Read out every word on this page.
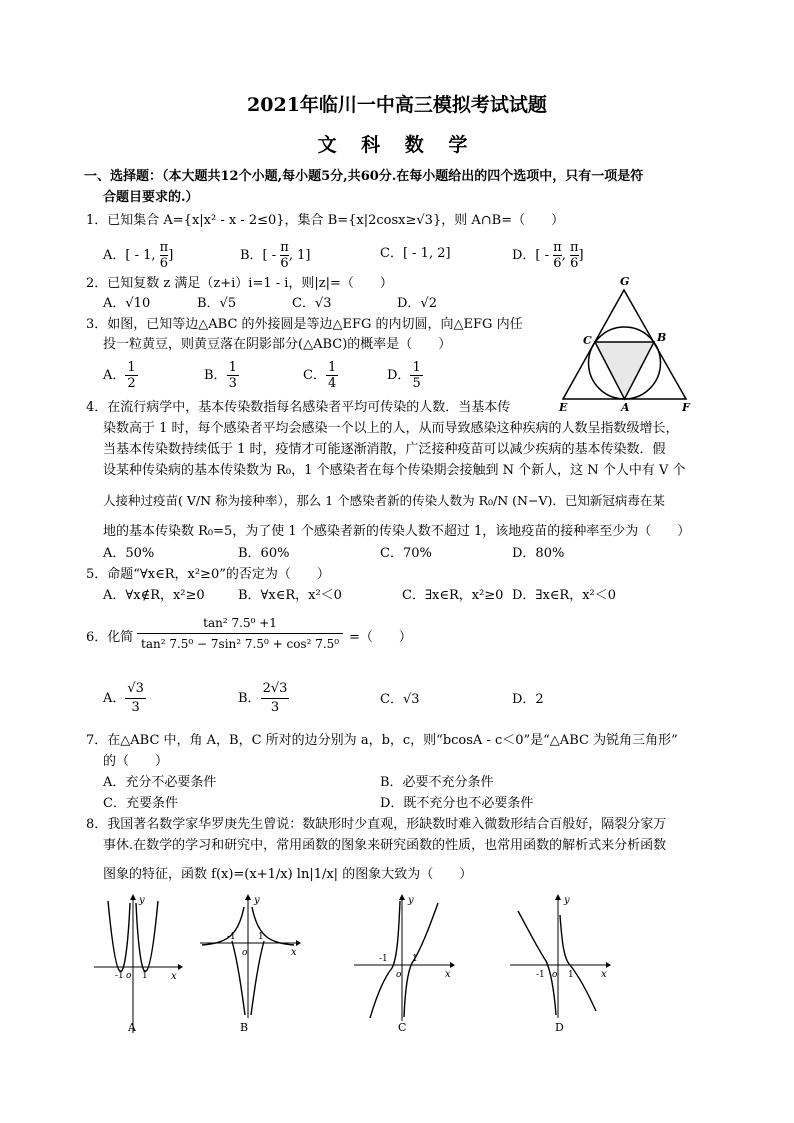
2021年临川一中高三模拟考试试题
文 科 数 学
一、选择题：（本大题共12个小题,每小题5分,共60分.在每小题给出的四个选项中，只有一项是符
合题目要求的.）
1．已知集合 A={x|x² - x - 2≤0}，集合 B={x|2cosx≥√3}，则 A∩B=（　　）
A．[ - 1, $\frac{\pi}{6}$ ]	B．[ - $\frac{\pi}{6}$ , 1]	C．[ - 1, 2]	D．[ - $\frac{\pi}{6}$ , $\frac{\pi}{6}$ ]
2．已知复数 z 满足（z+i）i=1 - i，则|z|=（　　）
A．√10	B．√5	C．√3	D．√2
3．如图，已知等边△ABC 的外接圆是等边△EFG 的内切圆，向△EFG 内任
投一粒黄豆，则黄豆落在阴影部分(△ABC)的概率是（　　）
A． $\frac{1}{2}$	B． $\frac{1}{3}$	C． $\frac{1}{4}$	D． $\frac{1}{5}$
G
C	B
E	A	F
4．在流行病学中，基本传染数指每名感染者平均可传染的人数．当基本传
染数高于 1 时，每个感染者平均会感染一个以上的人，从而导致感染这种疾病的人数呈指数级增长，
当基本传染数持续低于 1 时，疫情才可能逐渐消散，广泛接种疫苗可以减少疾病的基本传染数．假
设某种传染病的基本传染数为 R₀，1 个感染者在每个传染期会接触到 N 个新人，这 N 个人中有 V 个
人接种过疫苗( V/N 称为接种率），那么 1 个感染者新的传染人数为 R₀/N (N−V)．已知新冠病毒在某
地的基本传染数 R₀=5，为了使 1 个感染者新的传染人数不超过 1，该地疫苗的接种率至少为（　　）
A．50%	B．60%	C．70%	D．80%
5．命题“∀x∈R，x²≥0”的否定为（　　）
A．∀x∉R，x²≥0	B．∀x∈R，x²＜0	C．∃x∈R，x²≥0 D．∃x∈R，x²＜0
6．化简 $\frac{\text{tan² 7.5⁰ +1}}{\text{tan² 7.5⁰ − 7sin² 7.5⁰ + cos² 7.5⁰}}$ =（　　）
A． $\frac{√3}{3}$	B． $\frac{2√3}{3}$	C．√3	D．2
7．在△ABC 中，角 A，B，C 所对的边分别为 a，b，c，则“bcosA - c＜0”是“△ABC 为锐角三角形”
的（　　）
A．充分不必要条件	B．必要不充分条件
C．充要条件	D．既不充分也不必要条件
8．我国著名数学家华罗庚先生曾说：数缺形时少直观，形缺数时难入微数形结合百般好，隔裂分家万
事休.在数学的学习和研究中，常用函数的图象来研究函数的性质，也常用函数的解析式来分析函数
图象的特征，函数 f(x)=(x+1/x) ln|1/x| 的图象大致为（　　）
y
x
-1 o 1
A
y
x
-1 1
o
B
y
x
-1
o
1
C
y
x
-1 o 1
D
